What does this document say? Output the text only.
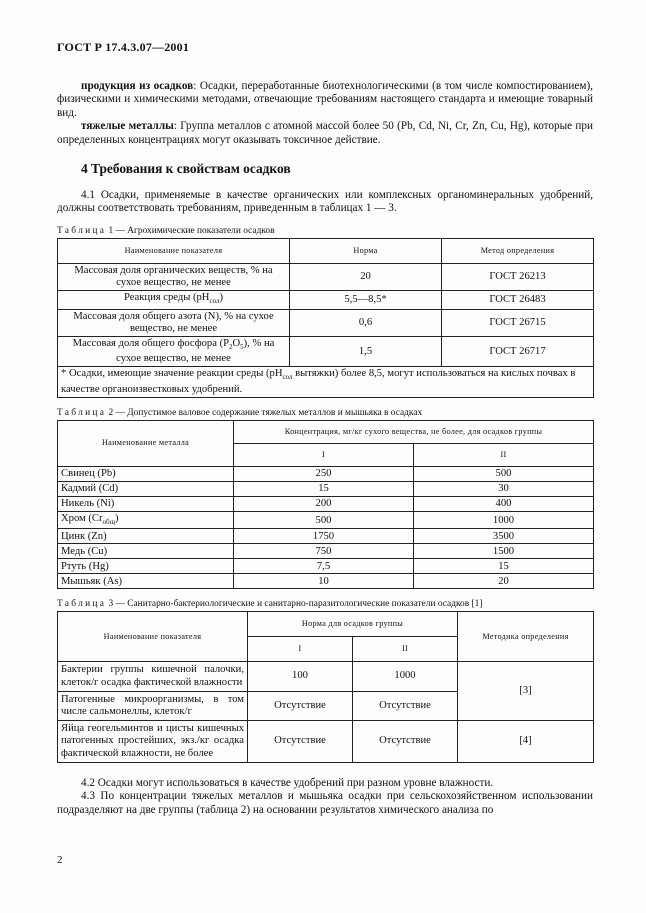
ГОСТ Р 17.4.3.07—2001

продукция из осадков: Осадки, переработанные биотехнологическими (в том числе компостированием), физическими и химическими методами, отвечающие требованиям настоящего стандарта и имеющие товарный вид.

тяжелые металлы: Группа металлов с атомной массой более 50 (Pb, Cd, Ni, Cr, Zn, Cu, Hg), которые при определенных концентрациях могут оказывать токсичное действие.

4 Требования к свойствам осадков

4.1 Осадки, применяемые в качестве органических или комплексных органоминеральных удобрений, должны соответствовать требованиям, приведенным в таблицах 1 — 3.

Таблица 1 — Агрохимические показатели осадков
Наименование показателя	Норма	Метод определения
Массовая доля органических веществ, % на сухое вещество, не менее	20	ГОСТ 26213
Реакция среды $(pH_{сол})$	5,5—8,5*	ГОСТ 26483
Массовая доля общего азота (N), % на сухое вещество, не менее	0,6	ГОСТ 26715
Массовая доля общего фосфора $(P_2O_5)$, % на сухое вещество, не менее	1,5	ГОСТ 26717
* Осадки, имеющие значение реакции среды ($pH_{сол}$ вытяжки) более 8,5, могут использоваться на кислых почвах в качестве органоизвестковых удобрений.		
Таблица 2 — Допустимое валовое содержание тяжелых металлов и мышьяка в осадках
Наименование металла	Концентрация, мг/кг сухого вещества, не более, для осадков группы	
	I	II
Свинец (Pb)	250	500
Кадмий (Cd)	15	30
Никель (Ni)	200	400
Хром $(Cr_{общ})$	500	1000
Цинк (Zn)	1750	3500
Медь (Cu)	750	1500
Ртуть (Hg)	7,5	15
Мышьяк (As)	10	20
Таблица 3 — Санитарно-бактериологические и санитарно-паразитологические показатели осадков [1]
Наименование показателя	Норма для осадков группы		Методика определения
	I	II	
Бактерии группы кишечной палочки, клеток/г осадка фактической влажности	100	1000	[3]
Патогенные микроорганизмы, в том числе сальмонеллы, клеток/г	Отсутствие	Отсутствие	
Яйца геогельминтов и цисты кишечных патогенных простейших, экз./кг осадка фактической влажности, не более	Отсутствие	Отсутствие	[4]

4.2 Осадки могут использоваться в качестве удобрений при разном уровне влажности.

4.3 По концентрации тяжелых металлов и мышьяка осадки при сельскохозяйственном использовании подразделяют на две группы (таблица 2) на основании результатов химического анализа по

2
